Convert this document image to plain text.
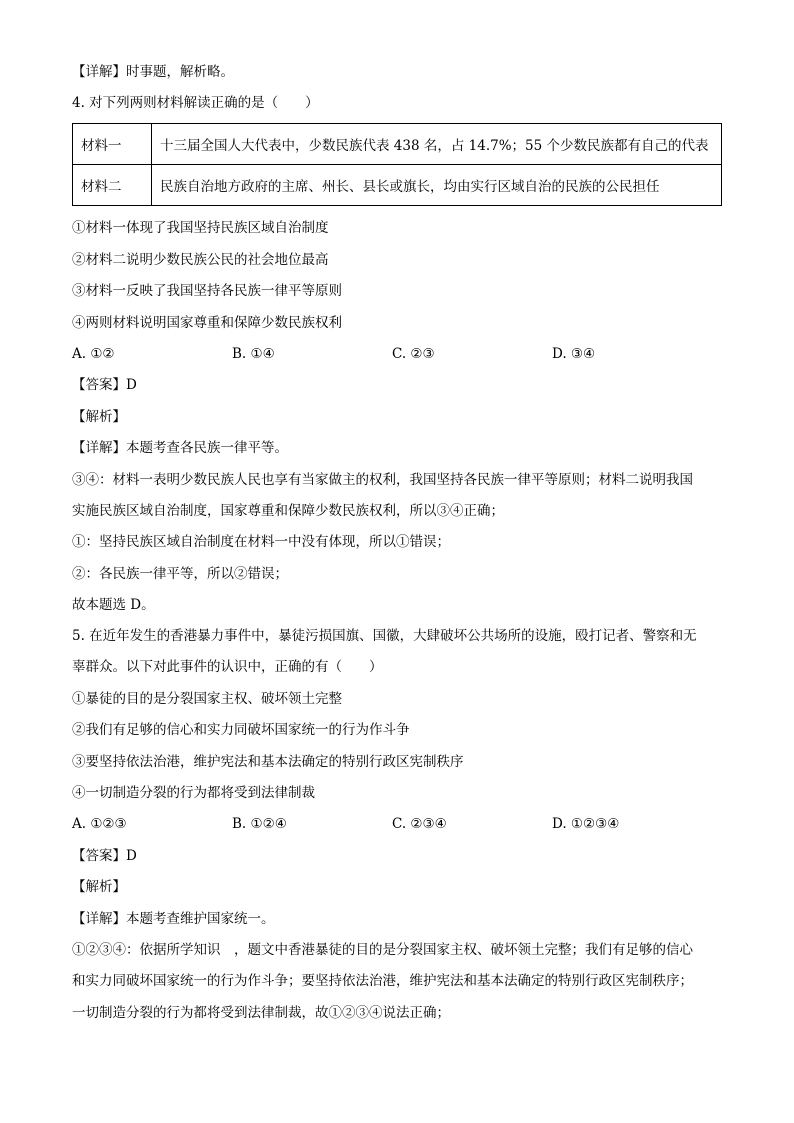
【详解】时事题，解析略。

4. 对下列两则材料解读正确的是（　　）

材料一	十三届全国人大代表中，少数民族代表 438 名，占 14.7%；55 个少数民族都有自己的代表
材料二	民族自治地方政府的主席、州长、县长或旗长，均由实行区域自治的民族的公民担任

①材料一体现了我国坚持民族区域自治制度

②材料二说明少数民族公民的社会地位最高

③材料一反映了我国坚持各民族一律平等原则

④两则材料说明国家尊重和保障少数民族权利

A. ①②	B. ①④	C. ②③	D. ③④

【答案】D

【解析】

【详解】本题考查各民族一律平等。

③④：材料一表明少数民族人民也享有当家做主的权利，我国坚持各民族一律平等原则；材料二说明我国

实施民族区域自治制度，国家尊重和保障少数民族权利，所以③④正确；

①：坚持民族区域自治制度在材料一中没有体现，所以①错误；

②：各民族一律平等，所以②错误；

故本题选 D。

5. 在近年发生的香港暴力事件中，暴徒污损国旗、国徽，大肆破坏公共场所的设施，殴打记者、警察和无

辜群众。以下对此事件的认识中，正确的有（　　）

①暴徒的目的是分裂国家主权、破坏领土完整

②我们有足够的信心和实力同破坏国家统一的行为作斗争

③要坚持依法治港，维护宪法和基本法确定的特别行政区宪制秩序

④一切制造分裂的行为都将受到法律制裁

A. ①②③	B. ①②④	C. ②③④	D. ①②③④

【答案】D

【解析】

【详解】本题考查维护国家统一。

①②③④：依据所学知识　，题文中香港暴徒的目的是分裂国家主权、破坏领土完整；我们有足够的信心

和实力同破坏国家统一的行为作斗争；要坚持依法治港，维护宪法和基本法确定的特别行政区宪制秩序；

一切制造分裂的行为都将受到法律制裁，故①②③④说法正确；
